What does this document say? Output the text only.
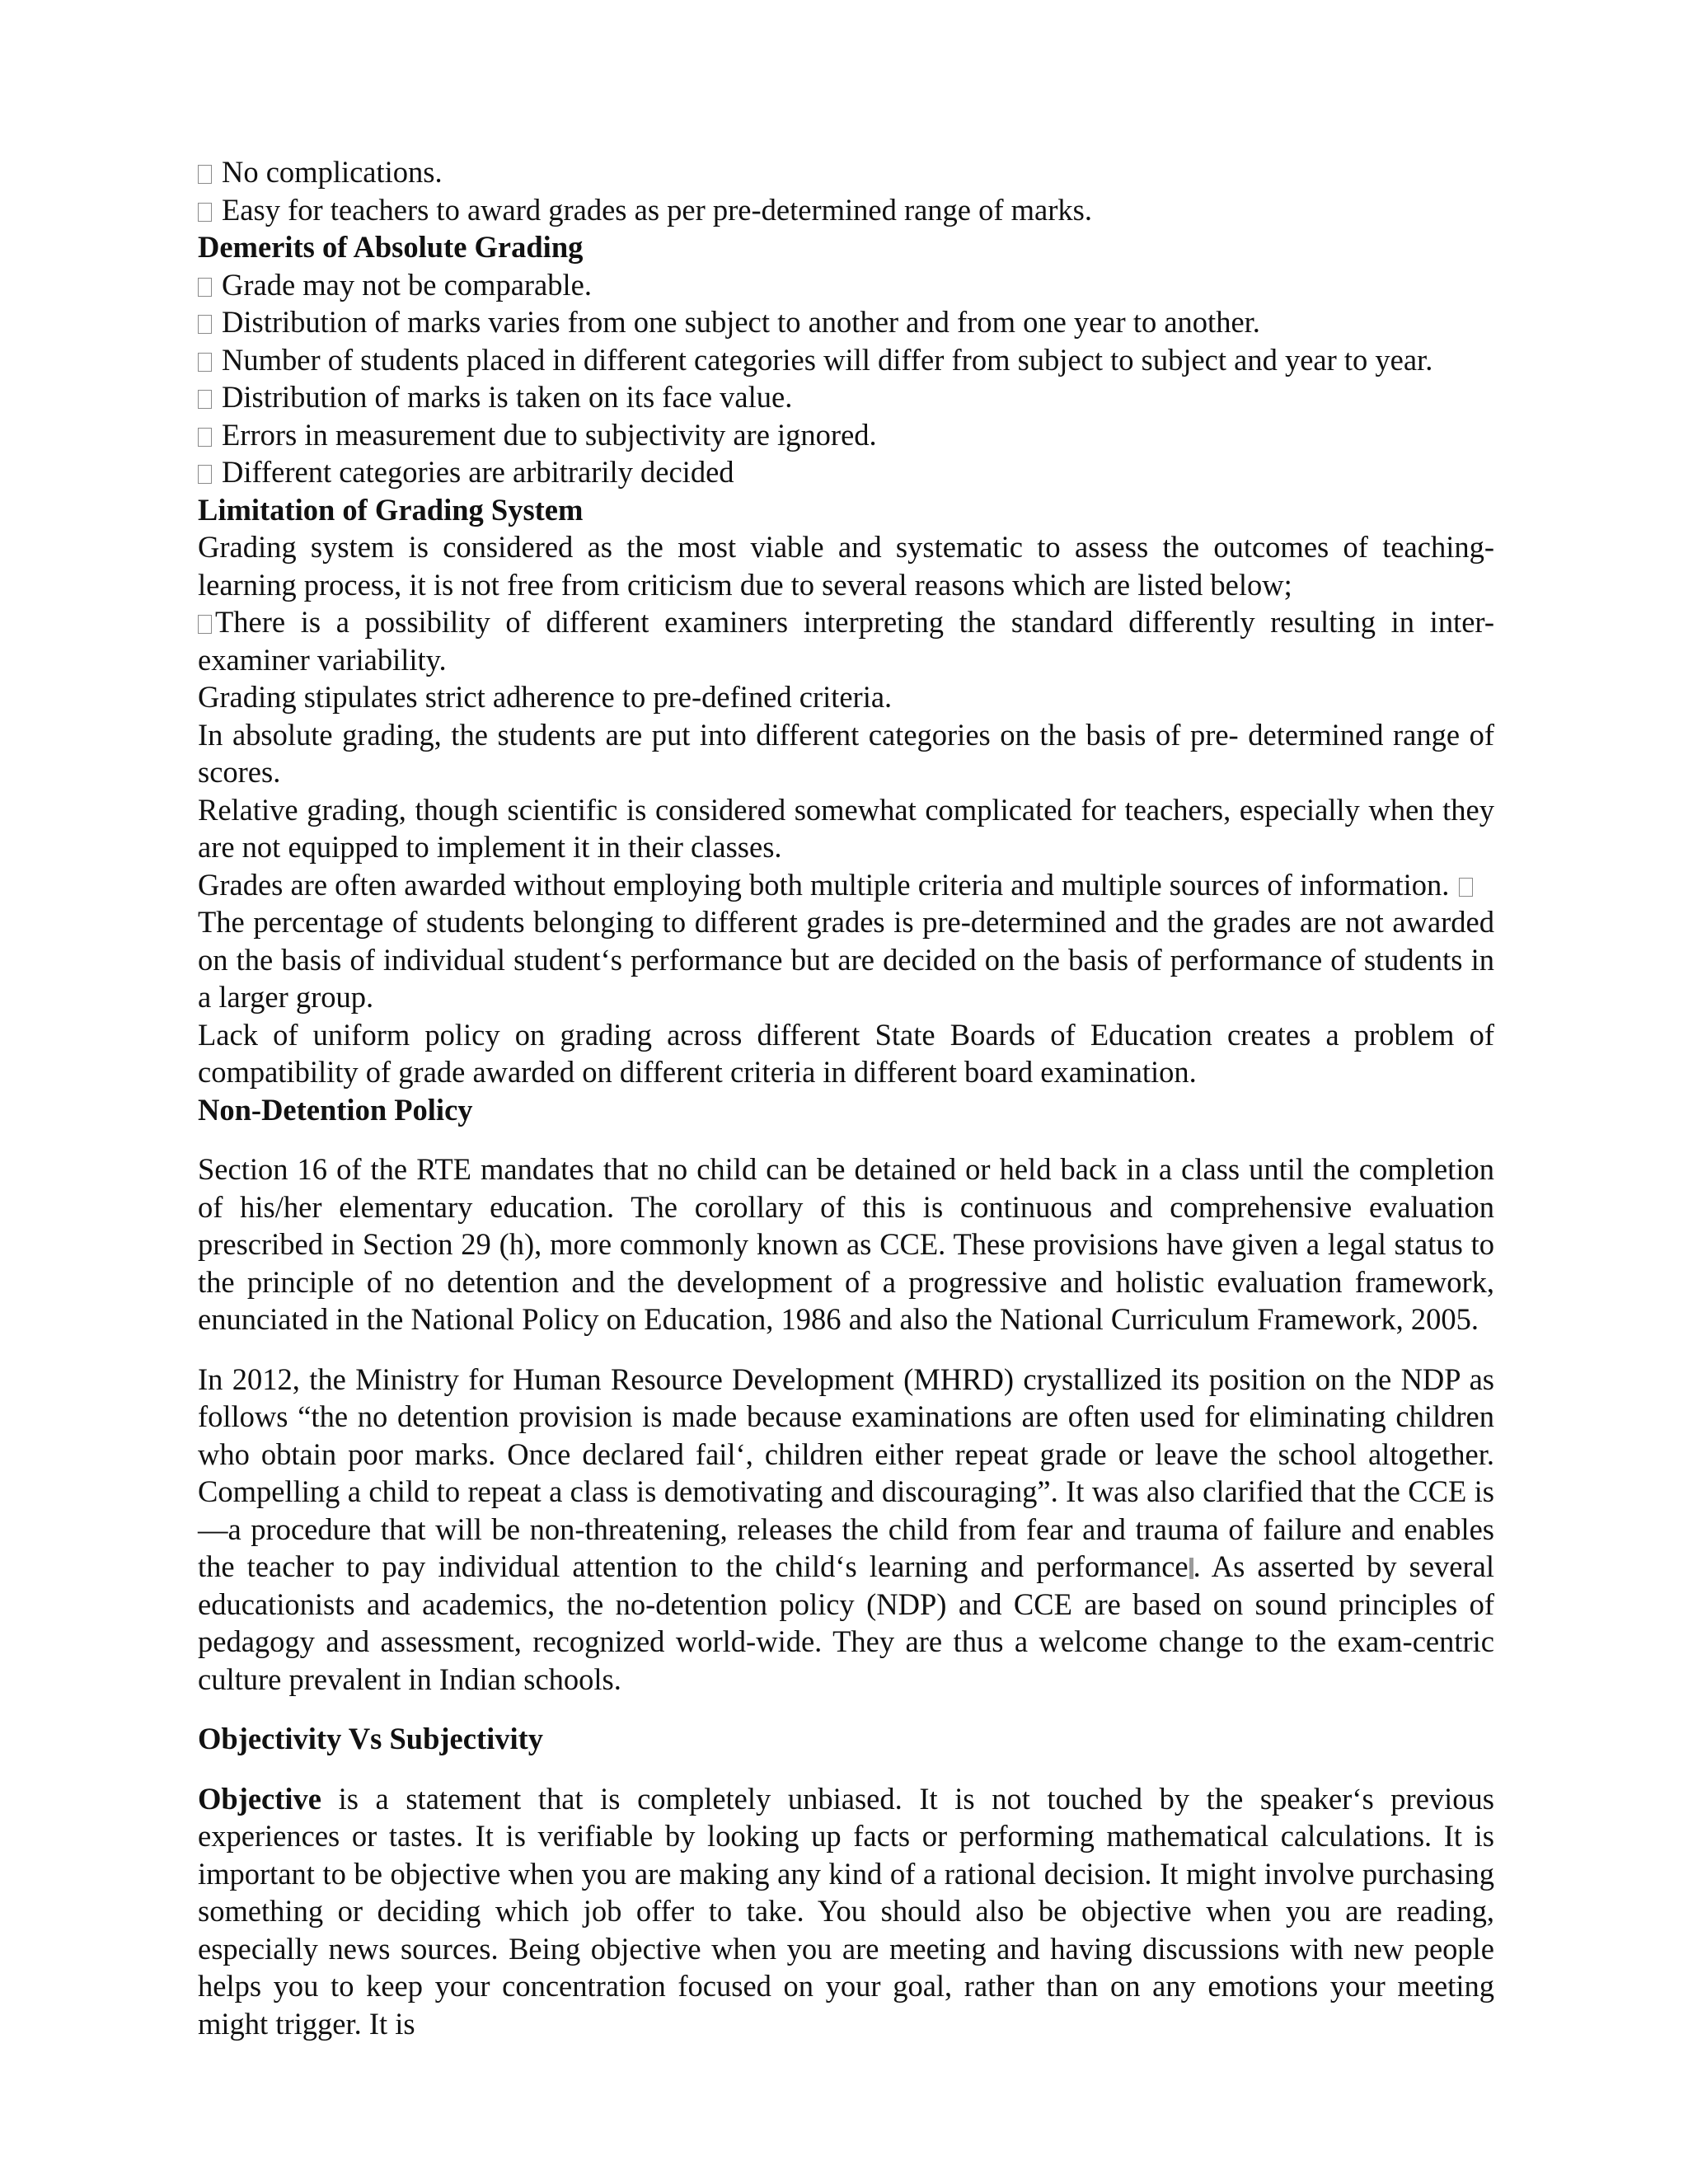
No complications.
Easy for teachers to award grades as per pre-determined range of marks.
Demerits of Absolute Grading
Grade may not be comparable.
Distribution of marks varies from one subject to another and from one year to another.
Number of students placed in different categories will differ from subject to subject and year to year.
Distribution of marks is taken on its face value.
Errors in measurement due to subjectivity are ignored.
Different categories are arbitrarily decided
Limitation of Grading System

Grading system is considered as the most viable and systematic to assess the outcomes of teaching- learning process, it is not free from criticism due to several reasons which are listed below;

There is a possibility of different examiners interpreting the standard differently resulting in inter-examiner variability.

Grading stipulates strict adherence to pre-defined criteria.

In absolute grading, the students are put into different categories on the basis of pre- determined range of scores.

Relative grading, though scientific is considered somewhat complicated for teachers, especially when they are not equipped to implement it in their classes.

Grades are often awarded without employing both multiple criteria and multiple sources of information.

The percentage of students belonging to different grades is pre-determined and the grades are not awarded on the basis of individual student‘s performance but are decided on the basis of performance of students in a larger group.

Lack of uniform policy on grading across different State Boards of Education creates a problem of compatibility of grade awarded on different criteria in different board examination.

Non-Detention Policy

Section 16 of the RTE mandates that no child can be detained or held back in a class until the completion of his/her elementary education. The corollary of this is continuous and comprehensive evaluation prescribed in Section 29 (h), more commonly known as CCE. These provisions have given a legal status to the principle of no detention and the development of a progressive and holistic evaluation framework, enunciated in the National Policy on Education, 1986 and also the National Curriculum Framework, 2005.

In 2012, the Ministry for Human Resource Development (MHRD) crystallized its position on the NDP as follows “the no detention provision is made because examinations are often used for eliminating children who obtain poor marks. Once declared fail‘, children either repeat grade or leave the school altogether. Compelling a child to repeat a class is demotivating and discouraging”. It was also clarified that the CCE is ―a procedure that will be non-threatening, releases the child from fear and trauma of failure and enables the teacher to pay individual attention to the child‘s learning and performance . As asserted by several educationists and academics, the no-detention policy (NDP) and CCE are based on sound principles of pedagogy and assessment, recognized world-wide. They are thus a welcome change to the exam-centric culture prevalent in Indian schools.

Objectivity Vs Subjectivity

Objective is a statement that is completely unbiased. It is not touched by the speaker‘s previous experiences or tastes. It is verifiable by looking up facts or performing mathematical calculations. It is important to be objective when you are making any kind of a rational decision. It might involve purchasing something or deciding which job offer to take. You should also be objective when you are reading, especially news sources. Being objective when you are meeting and having discussions with new people helps you to keep your concentration focused on your goal, rather than on any emotions your meeting might trigger. It is
